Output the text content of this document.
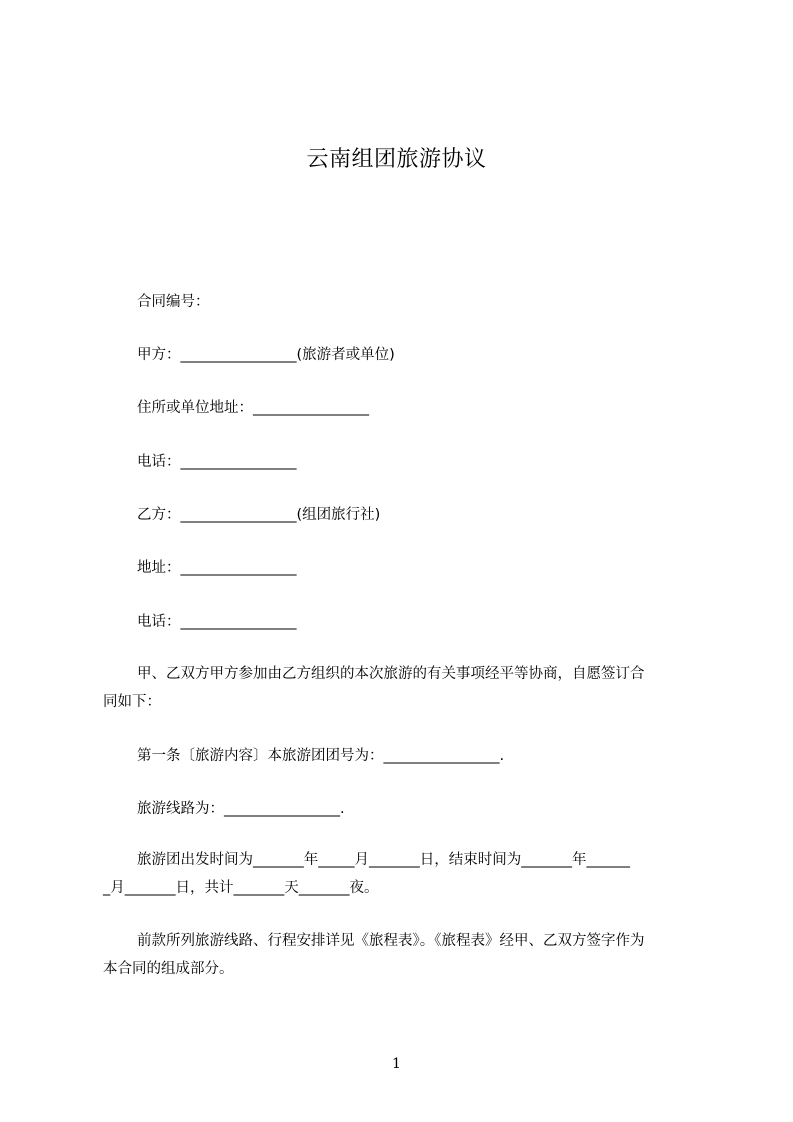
云南组团旅游协议
合同编号：
甲方：________________(旅游者或单位)
住所或单位地址：________________
电话：________________
乙方：________________(组团旅行社)
地址：________________
电话：________________
甲、乙双方甲方参加由乙方组织的本次旅游的有关事项经平等协商，自愿签订合
同如下：
第一条〔旅游内容〕本旅游团团号为：________________.
旅游线路为：________________.
旅游团出发时间为_______年_____月_______日，结束时间为_______年______
_月_______日，共计_______天_______夜。
前款所列旅游线路、行程安排详见《旅程表》。《旅程表》经甲、乙双方签字作为
本合同的组成部分。
1
